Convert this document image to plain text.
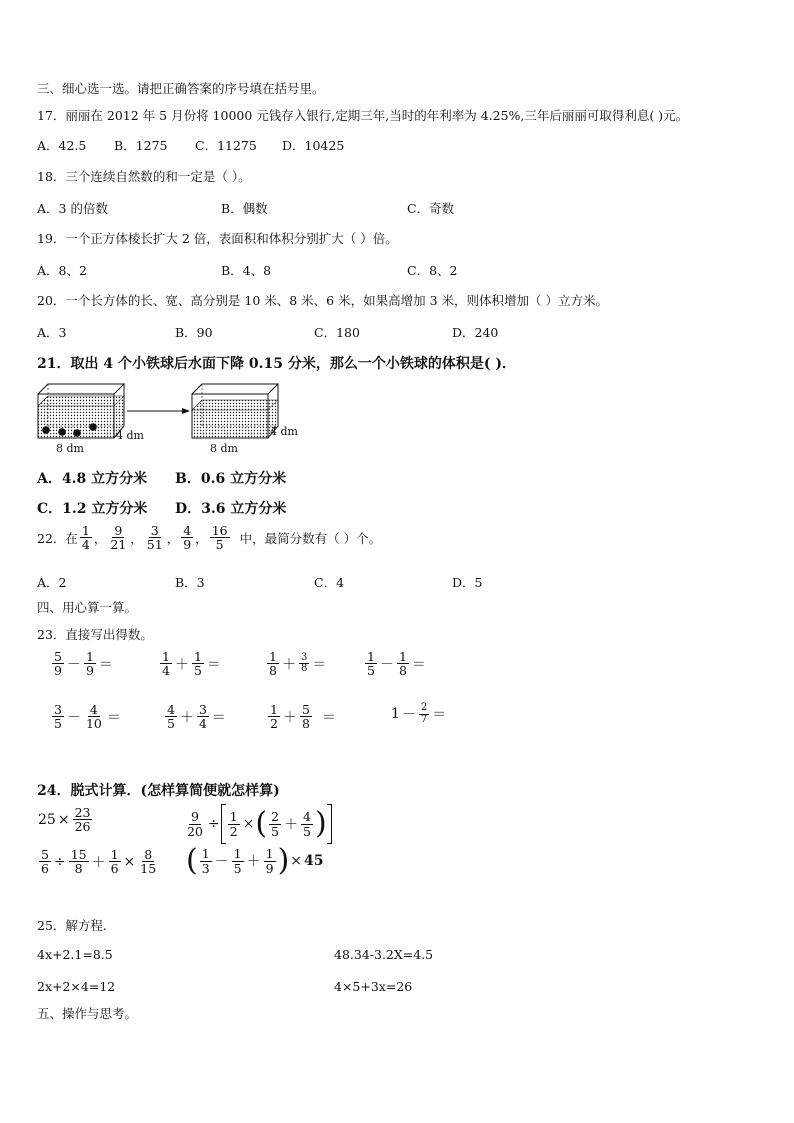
三、细心选一选。请把正确答案的序号填在括号里。
17．丽丽在 2012 年 5 月份将 10000 元钱存入银行,定期三年,当时的年利率为 4.25%,三年后丽丽可取得利息( )元。
A．42.5 B．1275 C．11275 D．10425
18．三个连续自然数的和一定是（ ）。
A．3 的倍数	B．偶数	C．奇数
19．一个正方体棱长扩大 2 倍，表面积和体积分别扩大（ ）倍。
A．8、2	B．4、8	C．8、2
20．一个长方体的长、宽、高分别是 10 米、8 米、6 米，如果高增加 3 米，则体积增加（ ）立方米。
A．3	B．90	C．180	D．240
21．取出 4 个小铁球后水面下降 0.15 分米，那么一个小铁球的体积是( )．
4 dm
8 dm
4 dm
8 dm
A．4.8 立方分米 B．0.6 立方分米
C．1.2 立方分米 D．3.6 立方分米
22．在 $\frac{1}{4}$ ， $\frac{9}{21}$ ， $\frac{3}{51}$ ， $\frac{4}{9}$ ， $\frac{16}{5}$ 中，最简分数有（ ）个。
A．2	B．3	C．4	D．5
四、用心算一算。
23．直接写出得数。
$\frac{5}{9} - \frac{1}{9}$ ＝	$\frac{1}{4} + \frac{1}{5}$ ＝	$\frac{1}{8} + \frac{3}{8}$ ＝	$\frac{1}{5} - \frac{1}{8}$ ＝
$\frac{3}{5} - \frac{4}{10}$ ＝	$\frac{4}{5} + \frac{3}{4}$ ＝	$\frac{1}{2} + \frac{5}{8}$ ＝	$1 - \frac{2}{7}$ ＝
24．脱式计算．(怎样算简便就怎样算)
$25 \times \frac{23}{26}$	$\frac{9}{20} \div \frac{1}{2}$ × ( $\frac{2}{5} + \frac{4}{5}$ )
$\frac{5}{6} \div \frac{15}{8} + \frac{1}{6} \times \frac{8}{15}$ ( $\frac{1}{3} - \frac{1}{5} + \frac{1}{9}$ ) × 45
25．解方程.
4x+2.1=8.5	48.34-3.2X=4.5
2x+2×4=12	4×5+3x=26
五、操作与思考。
